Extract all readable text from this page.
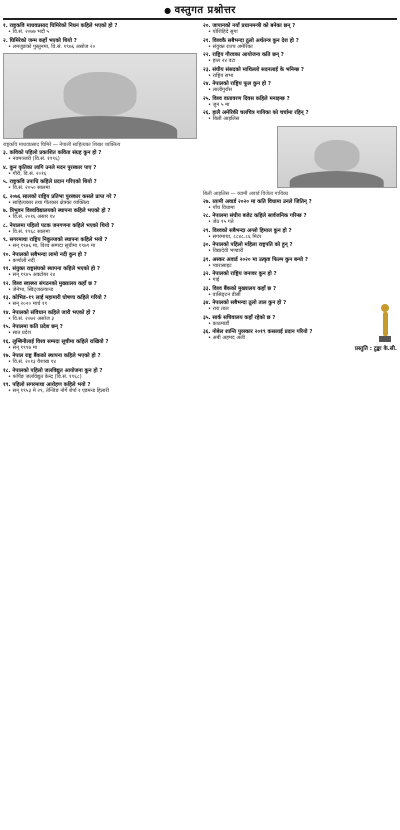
● वस्तुगत प्रश्नोत्तर

१. राष्ट्रकवि माधवप्रसाद घिमिरेको निधन कहिले भएको हो ?

• वि.सं. २०७७ भदौ ५

२. घिमिरेको जन्म कहाँ भएको थियो ?

• लमजुङको पुस्तुनमा, वि.सं. १९७६ असोज २०

राष्ट्रकवि माधवप्रसाद घिमिरे — नेपाली साहित्यका शिखर व्यक्तित्व

३. कविको पहिलो प्रकाशित कविता संग्रह कुन हो ?

• नवमञ्जरी (वि.सं. १९९६)

४. कुन कृतिका लागि उनले मदन पुरस्कार पाए ?

• गौरी, वि.सं. २०१६

५. राष्ट्रकवि उपाधि कहिले प्रदान गरिएको थियो ?

• वि.सं. २०५० सालमा

६. २०७६ सालको राष्ट्रिय प्रतिभा पुरस्कार कसले प्राप्त गरे ?

• साहित्यकार तथा गीतकार क्षेत्रका व्यक्तित्व

७. त्रिभुवन विश्वविद्यालयको स्थापना कहिले भएको हो ?

• वि.सं. २०१६ असार १४

८. नेपालमा पहिलो पटक जनगणना कहिले भएको थियो ?

• वि.सं. १९६८ सालमा

९. सगरमाथा राष्ट्रिय निकुञ्जको स्थापना कहिले भयो ?

• सन् १९७६ मा, विश्व सम्पदा सूचीमा १९७९ मा

१०. नेपालको सबैभन्दा लामो नदी कुन हो ?

• कर्णाली नदी

११. संयुक्त राष्ट्रसंघको स्थापना कहिले भएको हो ?

• सन् १९४५ अक्टोबर २४

१२. विश्व स्वास्थ्य संगठनको मुख्यालय कहाँ छ ?

• जेनेभा, स्विट्जरल्यान्ड

१३. कोभिड–१९ लाई महामारी घोषणा कहिले गरियो ?

• सन् २०२० मार्च ११

१४. नेपालको संविधान कहिले जारी भएको हो ?

• वि.सं. २०७२ असोज ३

१५. नेपालमा कति प्रदेश छन् ?

• सात प्रदेश

१६. लुम्बिनीलाई विश्व सम्पदा सूचीमा कहिले राखियो ?

• सन् १९९७ मा

१७. नेपाल राष्ट्र बैंकको स्थापना कहिले भएको हो ?

• वि.सं. २०१३ वैशाख १४

१८. नेपालको पहिलो जलविद्युत आयोजना कुन हो ?

• फर्पिङ जलविद्युत केन्द्र (वि.सं. १९६८)

१९. पहिलो सगरमाथा आरोहण कहिले भयो ?

• सन् १९५३ मे २९, तेन्जिङ नोर्गे शेर्पा र एडमन्ड हिलारी

२०. जापानको नयाँ प्रधानमन्त्री को बनेका छन् ?

• योशिहिदे सुगा

२१. विश्वकै सबैभन्दा ठूलो अर्थतन्त्र कुन देश हो ?

• संयुक्त राज्य अमेरिका

२२. राष्ट्रिय गौरवका आयोजना कति छन् ?

• हाल २४ वटा

२३. संघीय संसदको माथिल्लो सदनलाई के भनिन्छ ?

• राष्ट्रिय सभा

२४. नेपालको राष्ट्रिय फूल कुन हो ?

• लालीगुराँस

२५. विश्व वातावरण दिवस कहिले मनाइन्छ ?

• जुन ५ मा

२६. हालै अमेरिकी चलचित्र गायिका को चर्चामा रहिन् ?

• बिली आइलिस

बिली आइलिस — ग्र्यामी अवार्ड विजेता गायिका

२७. ग्र्यामी अवार्ड २०२० मा कति विधामा उनले जितिन् ?

• पाँच विधामा

२८. नेपालमा संघीय बजेट कहिले सार्वजनिक गरिन्छ ?

• जेठ १५ गते

२९. विश्वको सबैभन्दा अग्लो हिमाल कुन हो ?

• सगरमाथा, ८८४८.८६ मिटर

३०. नेपालको पहिलो महिला राष्ट्रपति को हुन् ?

• विद्यादेवी भण्डारी

३१. अस्कर अवार्ड २०२० मा उत्कृष्ट फिल्म कुन बन्यो ?

• प्यारासाइट

३२. नेपालको राष्ट्रिय जनावर कुन हो ?

• गाई

३३. विश्व बैंकको मुख्यालय कहाँ छ ?

• वासिङ्टन डीसी

३४. नेपालको सबैभन्दा ठूलो ताल कुन हो ?

• रारा ताल

३५. सार्क सचिवालय कहाँ रहेको छ ?

• काठमाडौं

३६. नोबेल शान्ति पुरस्कार २०१९ कसलाई प्रदान गरियो ?

• अबी अहमद अली

प्रस्तुति : टुङ्का के.सी.
